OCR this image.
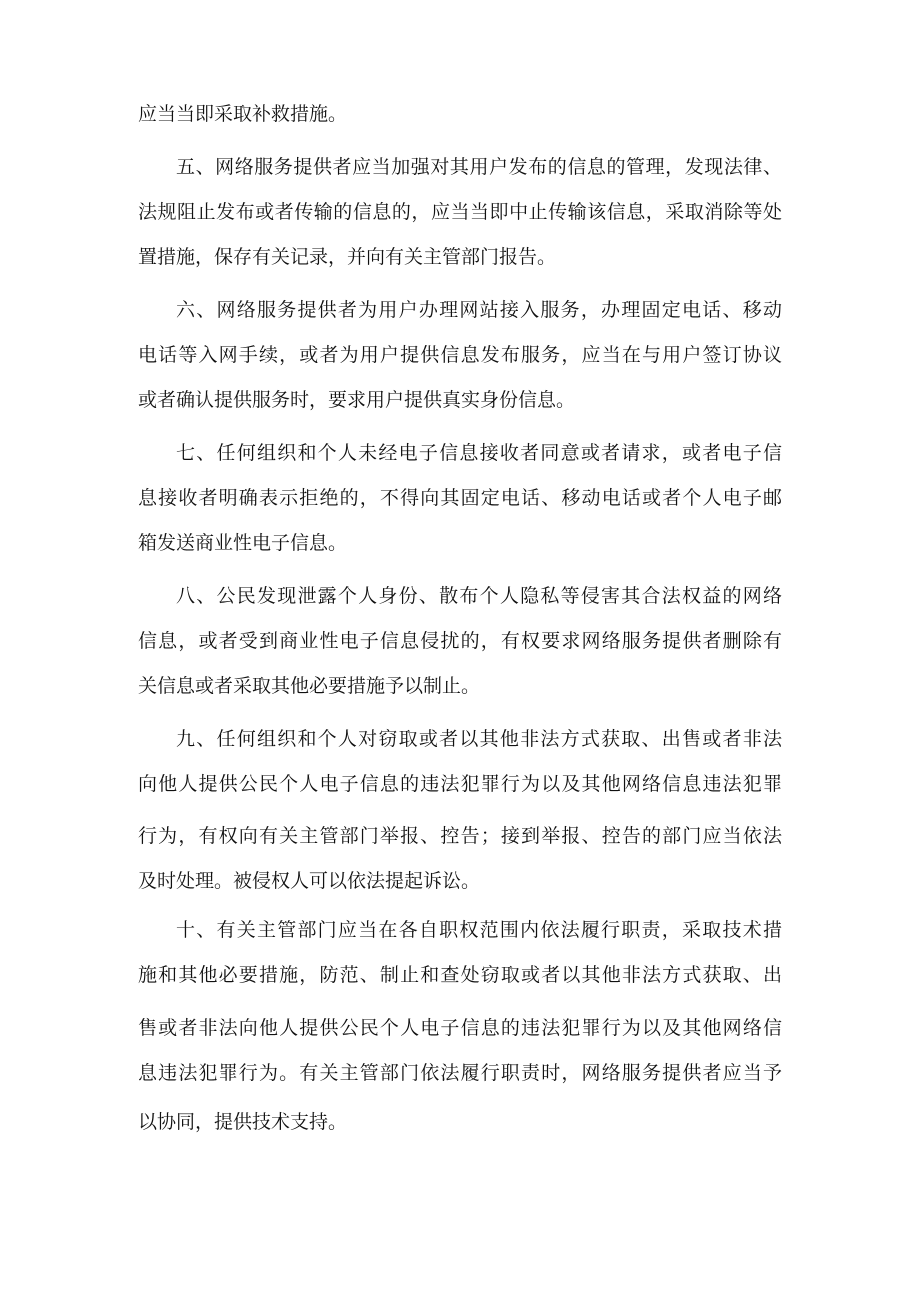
应当当即采取补救措施。
五、网络服务提供者应当加强对其用户发布的信息的管理，发现法律、
法规阻止发布或者传输的信息的，应当当即中止传输该信息，采取消除等处
置措施，保存有关记录，并向有关主管部门报告。
六、网络服务提供者为用户办理网站接入服务，办理固定电话、移动
电话等入网手续，或者为用户提供信息发布服务，应当在与用户签订协议
或者确认提供服务时，要求用户提供真实身份信息。
七、任何组织和个人未经电子信息接收者同意或者请求，或者电子信
息接收者明确表示拒绝的，不得向其固定电话、移动电话或者个人电子邮
箱发送商业性电子信息。
八、公民发现泄露个人身份、散布个人隐私等侵害其合法权益的网络
信息，或者受到商业性电子信息侵扰的，有权要求网络服务提供者删除有
关信息或者采取其他必要措施予以制止。
九、任何组织和个人对窃取或者以其他非法方式获取、出售或者非法
向他人提供公民个人电子信息的违法犯罪行为以及其他网络信息违法犯罪
行为，有权向有关主管部门举报、控告；接到举报、控告的部门应当依法
及时处理。被侵权人可以依法提起诉讼。
十、有关主管部门应当在各自职权范围内依法履行职责，采取技术措
施和其他必要措施，防范、制止和查处窃取或者以其他非法方式获取、出
售或者非法向他人提供公民个人电子信息的违法犯罪行为以及其他网络信
息违法犯罪行为。有关主管部门依法履行职责时，网络服务提供者应当予
以协同，提供技术支持。
